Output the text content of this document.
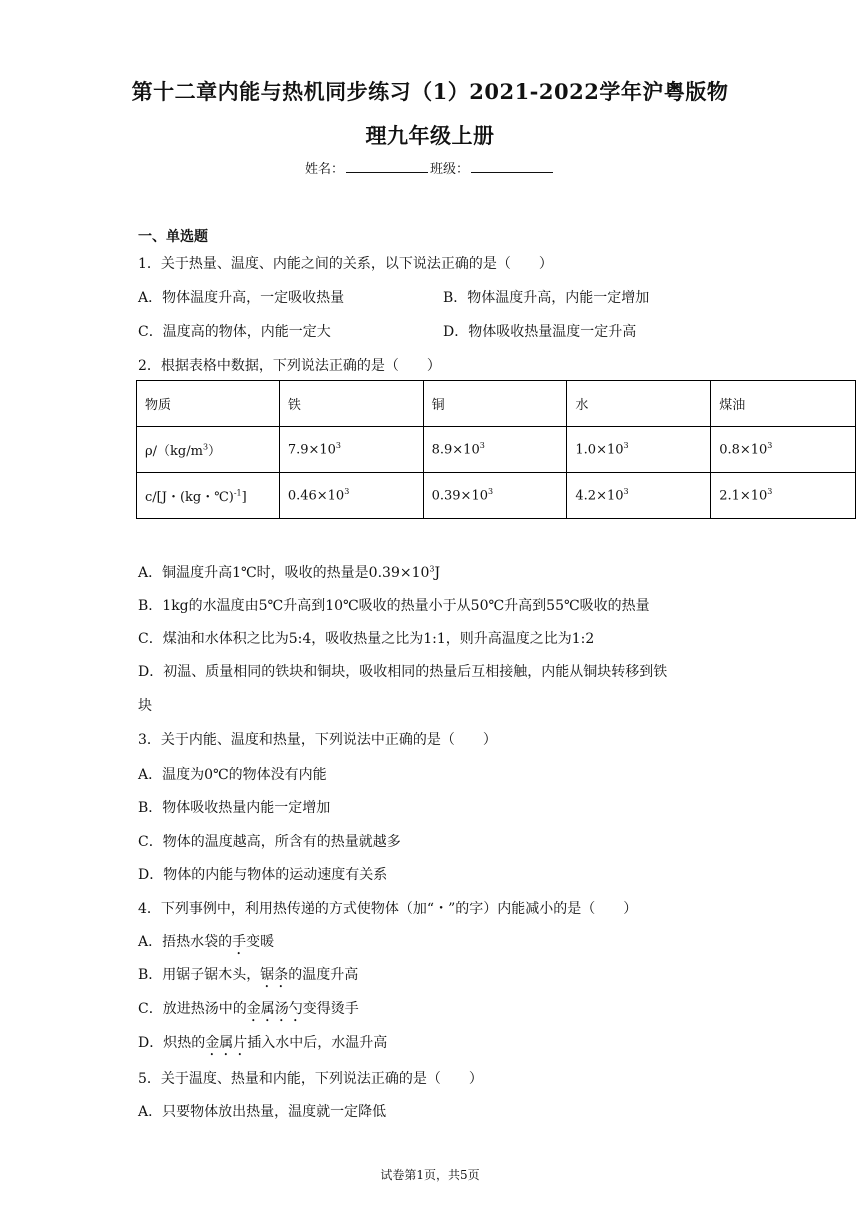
第十二章内能与热机同步练习（1）2021-2022学年沪粤版物
理九年级上册
姓名：	班级：
一、单选题
1．关于热量、温度、内能之间的关系，以下说法正确的是（　　）
A．物体温度升高，一定吸收热量	B．物体温度升高，内能一定增加
C．温度高的物体，内能一定大	D．物体吸收热量温度一定升高
2．根据表格中数据，下列说法正确的是（　　）
物质	铁	铜	水	煤油
$\rho/(kg/m^3)$	$7.9\times 10^3$	$8.9\times 10^3$	$1.0\times 10^3$	$0.8\times 10^3$
c/[J・(kg・℃)$^{-1}$]	$0.46\times 10^3$	$0.39\times 10^3$	$4.2\times 10^3$	$2.1\times 10^3$
A．铜温度升高1℃时，吸收的热量是$0.39\times 10^3J$
B．1kg的水温度由5℃升高到10℃吸收的热量小于从50℃升高到55℃吸收的热量
C．煤油和水体积之比为5:4，吸收热量之比为1:1，则升高温度之比为1:2
D．初温、质量相同的铁块和铜块，吸收相同的热量后互相接触，内能从铜块转移到铁
块
3．关于内能、温度和热量，下列说法中正确的是（　　）
A．温度为0℃的物体没有内能
B．物体吸收热量内能一定增加
C．物体的温度越高，所含有的热量就越多
D．物体的内能与物体的运动速度有关系
4．下列事例中，利用热传递的方式使物体（加“・”的字）内能减小的是（　　）
A．捂热水袋的手变暖
B．用锯子锯木头，锯条的温度升高
C．放进热汤中的金属汤勺变得烫手
D．炽热的金属片插入水中后，水温升高
5．关于温度、热量和内能，下列说法正确的是（　　）
A．只要物体放出热量，温度就一定降低
试卷第1页，共5页
